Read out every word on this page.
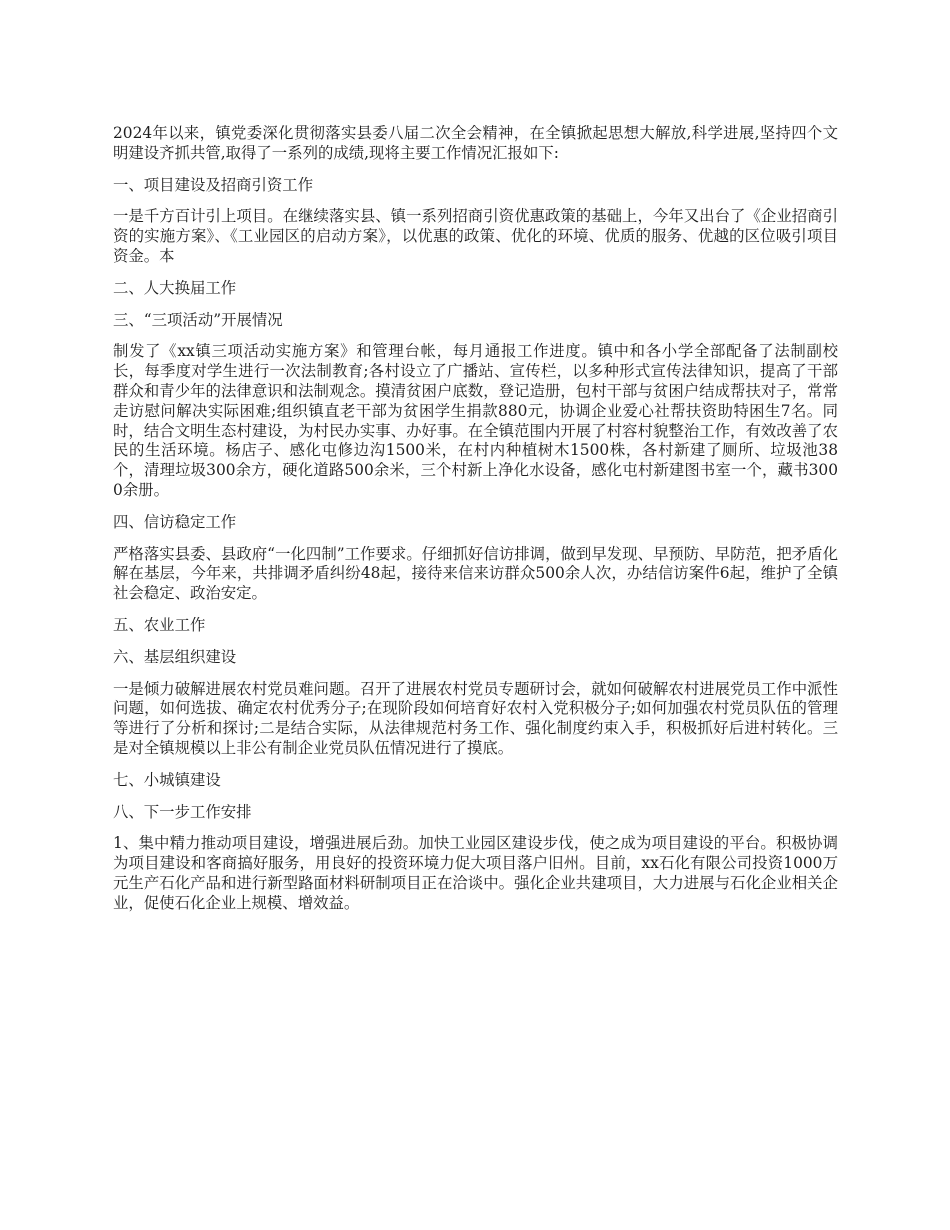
2024年以来，镇党委深化贯彻落实县委八届二次全会精神，在全镇掀起思想大解放,科学进展,坚持四个文明建设齐抓共管,取得了一系列的成绩,现将主要工作情况汇报如下:

一、项目建设及招商引资工作

一是千方百计引上项目。在继续落实县、镇一系列招商引资优惠政策的基础上，今年又出台了《企业招商引资的实施方案》、《工业园区的启动方案》，以优惠的政策、优化的环境、优质的服务、优越的区位吸引项目资金。本

二、人大换届工作

三、“三项活动”开展情况

制发了《xx镇三项活动实施方案》和管理台帐，每月通报工作进度。镇中和各小学全部配备了法制副校长，每季度对学生进行一次法制教育;各村设立了广播站、宣传栏，以多种形式宣传法律知识，提高了干部群众和青少年的法律意识和法制观念。摸清贫困户底数，登记造册，包村干部与贫困户结成帮扶对子，常常走访慰问解决实际困难;组织镇直老干部为贫困学生捐款880元，协调企业爱心社帮扶资助特困生7名。同时，结合文明生态村建设，为村民办实事、办好事。在全镇范围内开展了村容村貌整治工作，有效改善了农民的生活环境。杨店子、感化屯修边沟1500米，在村内种植树木1500株，各村新建了厕所、垃圾池38个，清理垃圾300余方，硬化道路500余米，三个村新上净化水设备，感化屯村新建图书室一个，藏书3000余册。

四、信访稳定工作

严格落实县委、县政府“一化四制”工作要求。仔细抓好信访排调，做到早发现、早预防、早防范，把矛盾化解在基层，今年来，共排调矛盾纠纷48起，接待来信来访群众500余人次，办结信访案件6起，维护了全镇社会稳定、政治安定。

五、农业工作

六、基层组织建设

一是倾力破解进展农村党员难问题。召开了进展农村党员专题研讨会，就如何破解农村进展党员工作中派性问题，如何选拔、确定农村优秀分子;在现阶段如何培育好农村入党积极分子;如何加强农村党员队伍的管理等进行了分析和探讨;二是结合实际，从法律规范村务工作、强化制度约束入手，积极抓好后进村转化。三是对全镇规模以上非公有制企业党员队伍情况进行了摸底。

七、小城镇建设

八、下一步工作安排

1、集中精力推动项目建设，增强进展后劲。加快工业园区建设步伐，使之成为项目建设的平台。积极协调为项目建设和客商搞好服务，用良好的投资环境力促大项目落户旧州。目前，xx石化有限公司投资1000万元生产石化产品和进行新型路面材料研制项目正在洽谈中。强化企业共建项目，大力进展与石化企业相关企业，促使石化企业上规模、增效益。
